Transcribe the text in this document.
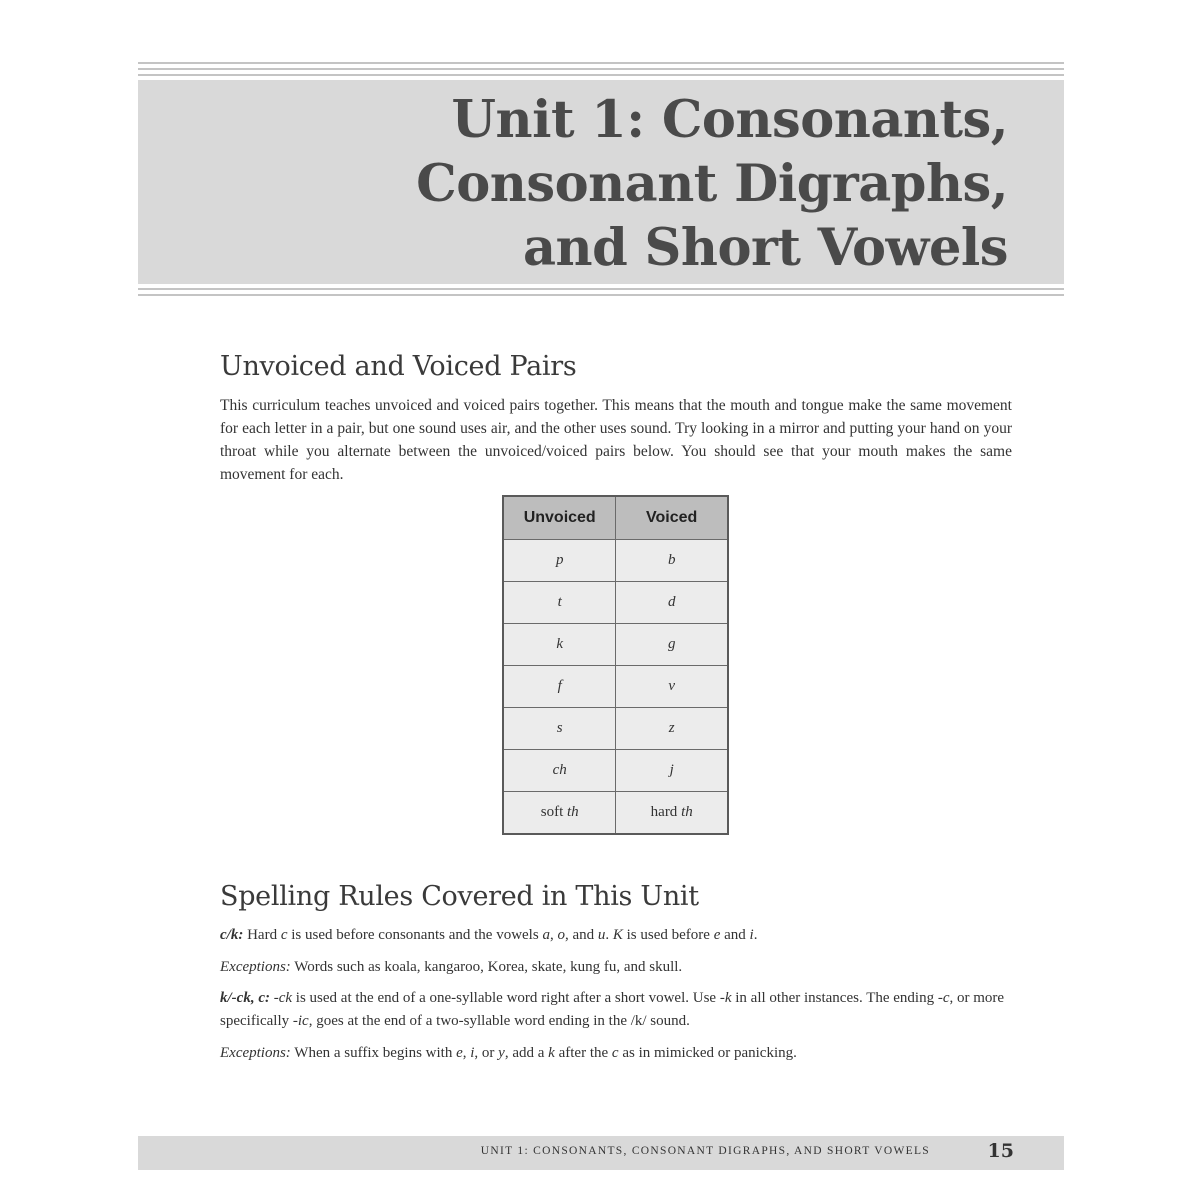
Unit 1: Consonants,
Consonant Digraphs,
and Short Vowels
Unvoiced and Voiced Pairs

This curriculum teaches unvoiced and voiced pairs together. This means that the mouth and tongue make the same movement for each letter in a pair, but one sound uses air, and the other uses sound. Try looking in a mirror and putting your hand on your throat while you alternate between the unvoiced/voiced pairs below. You should see that your mouth makes the same movement for each.

Unvoiced	Voiced
p	b
t	d
k	g
f	v
s	z
ch	j
soft th	hard th
Spelling Rules Covered in This Unit

c/k: Hard c is used before consonants and the vowels a, o, and u. K is used before e and i.

Exceptions: Words such as koala, kangaroo, Korea, skate, kung fu, and skull.

k/-ck, c: -ck is used at the end of a one-syllable word right after a short vowel. Use -k in all other instances. The ending -c, or more specifically -ic, goes at the end of a two-syllable word ending in the /k/ sound.

Exceptions: When a suffix begins with e, i, or y, add a k after the c as in mimicked or panicking.

UNIT 1: CONSONANTS, CONSONANT DIGRAPHS, AND SHORT VOWELS	15
